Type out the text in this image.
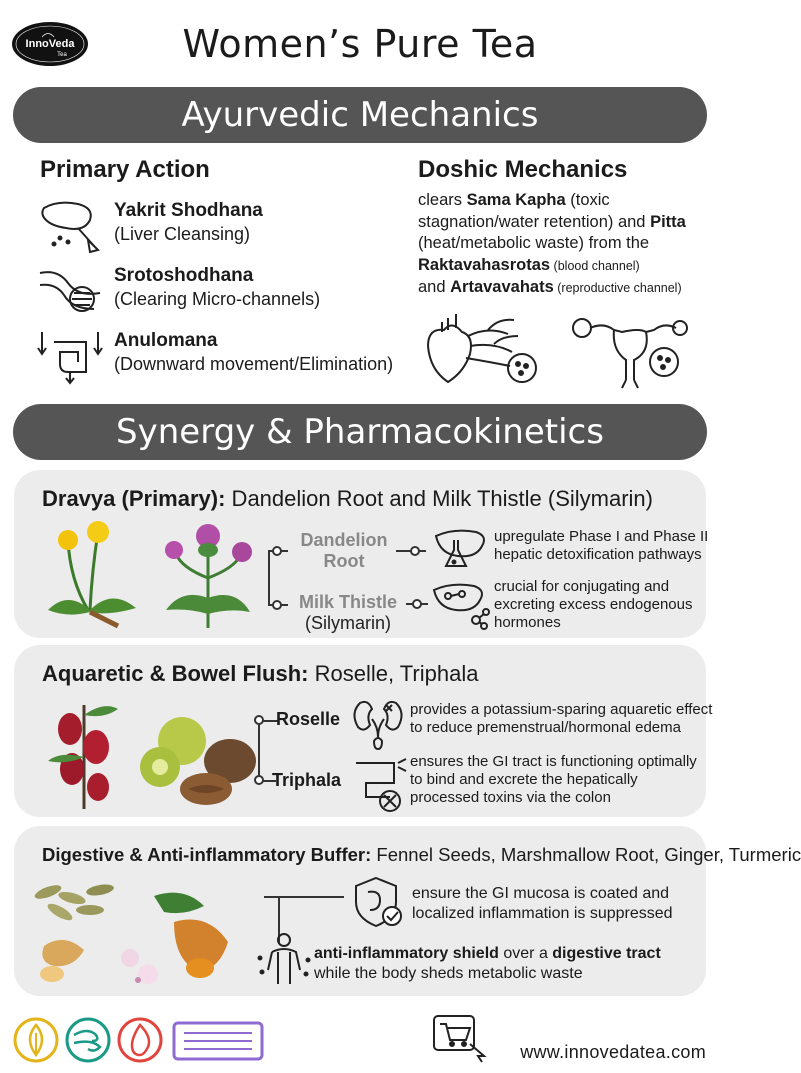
InnoVeda
Tea	Women’s Pure Tea
Ayurvedic Mechanics
Primary Action
Yakrit Shodhana
(Liver Cleansing)
Srotoshodhana
(Clearing Micro-channels)
Anulomana
(Downward movement/Elimination)
Doshic Mechanics
clears Sama Kapha (toxic stagnation/water retention) and Pitta (heat/metabolic waste) from the Raktavahasrotas (blood channel)
and Artavavahats (reproductive channel)
Synergy & Pharmacokinetics
Dravya (Primary): Dandelion Root and Milk Thistle (Silymarin)
Dandelion
Root
Milk Thistle
(Silymarin)
upregulate Phase I and Phase II
hepatic detoxification pathways
crucial for conjugating and
excreting excess endogenous
hormones
Aquaretic & Bowel Flush: Roselle, Triphala
Roselle
Triphala
provides a potassium-sparing aquaretic effect
to reduce premenstrual/hormonal edema
ensures the GI tract is functioning optimally
to bind and excrete the hepatically
processed toxins via the colon
Digestive & Anti-inflammatory Buffer: Fennel Seeds, Marshmallow Root, Ginger, Turmeric
ensure the GI mucosa is coated and
localized inflammation is suppressed
anti-inflammatory shield over a digestive tract
while the body sheds metabolic waste
www.innovedatea.com
